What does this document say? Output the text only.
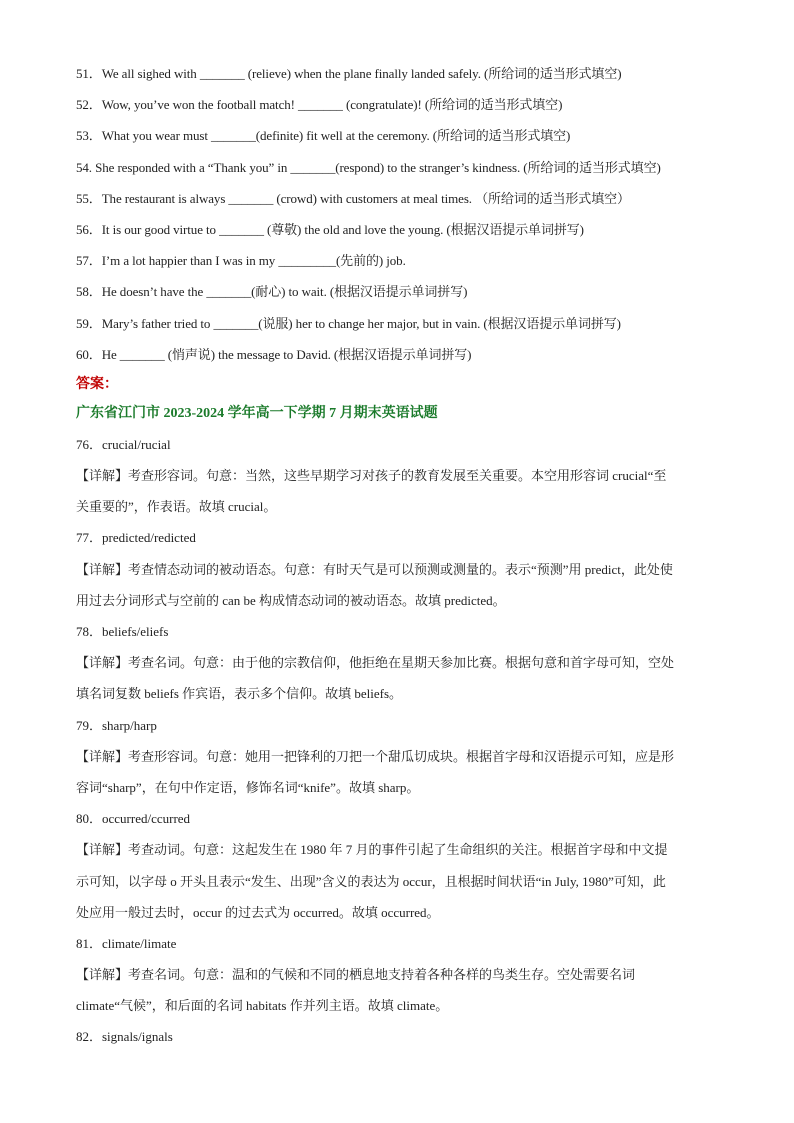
51．We all sighed with _______ (relieve) when the plane finally landed safely. (所给词的适当形式填空)
52．Wow, you’ve won the football match! _______ (congratulate)! (所给词的适当形式填空)
53．What you wear must _______(definite) fit well at the ceremony. (所给词的适当形式填空)
54. She responded with a “Thank you” in _______(respond) to the stranger’s kindness. (所给词的适当形式填空)
55．The restaurant is always _______ (crowd) with customers at meal times. （所给词的适当形式填空）
56．It is our good virtue to _______ (尊敬) the old and love the young. (根据汉语提示单词拼写)
57．I’m a lot happier than I was in my _________(先前的) job.
58．He doesn’t have the _______(耐心) to wait. (根据汉语提示单词拼写)
59．Mary’s father tried to _______(说服) her to change her major, but in vain. (根据汉语提示单词拼写)
60．He _______ (悄声说) the message to David. (根据汉语提示单词拼写)
答案：
广东省江门市 2023-2024 学年高一下学期 7 月期末英语试题
76．crucial/rucial

【详解】考查形容词。句意：当然，这些早期学习对孩子的教育发展至关重要。本空用形容词 crucial“至
关重要的”，作表语。故填 crucial。

77．predicted/redicted

【详解】考查情态动词的被动语态。句意：有时天气是可以预测或测量的。表示“预测”用 predict，此处使
用过去分词形式与空前的 can be 构成情态动词的被动语态。故填 predicted。

78．beliefs/eliefs

【详解】考查名词。句意：由于他的宗教信仰，他拒绝在星期天参加比赛。根据句意和首字母可知，空处
填名词复数 beliefs 作宾语，表示多个信仰。故填 beliefs。

79．sharp/harp

【详解】考查形容词。句意：她用一把锋利的刀把一个甜瓜切成块。根据首字母和汉语提示可知，应是形
容词“sharp”，在句中作定语，修饰名词“knife”。故填 sharp。

80．occurred/ccurred

【详解】考查动词。句意：这起发生在 1980 年 7 月的事件引起了生命组织的关注。根据首字母和中文提
示可知，以字母 o 开头且表示“发生、出现”含义的表达为 occur，且根据时间状语“in July, 1980”可知，此
处应用一般过去时，occur 的过去式为 occurred。故填 occurred。

81．climate/limate

【详解】考查名词。句意：温和的气候和不同的栖息地支持着各种各样的鸟类生存。空处需要名词
climate“气候”，和后面的名词 habitats 作并列主语。故填 climate。

82．signals/ignals
